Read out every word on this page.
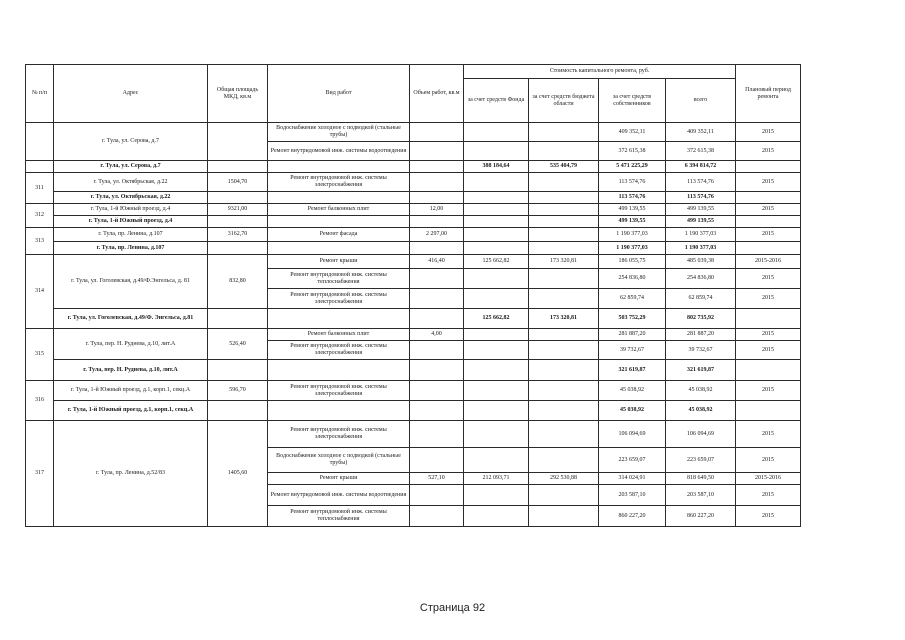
№ п/п	Адрес	Общая площадь МКД, кв.м	Вид работ	Объем работ, кв.м	Стоимость капитального ремонта, руб.				Плановый период ремонта
					за счет средств Фонда	за счет средств бюджета области	за счет средств собственников	всего	
	г. Тула, ул. Серова, д.7		Водоснабжение холодное с подводкой (стальные трубы)				409 352,11	409 352,11	2015
			Ремонт внутридомовой инж. системы водоотведения				372 615,38	372 615,38	2015
	г. Тула, ул. Серова, д.7				388 184,64	535 404,79	5 471 225,29	6 394 814,72	
311	г. Тула, ул. Октябрьская, д.22	1504,70	Ремонт внутридомовой инж. системы электроснабжения				113 574,76	113 574,76	2015
	г. Тула, ул. Октябрьская, д.22						113 574,76	113 574,76	
312	г. Тула, 1-й Южный проезд, д.4	9321,00	Ремонт балконных плит	12,00			499 139,55	499 139,55	2015
	г. Тула, 1-й Южный проезд, д.4						499 139,55	499 139,55	
313	г. Тула, пр. Ленина, д.107	3162,70	Ремонт фасада	2 297,00			1 190 377,03	1 190 377,03	2015
	г. Тула, пр. Ленина, д.107						1 190 377,03	1 190 377,03	
314	г. Тула, ул. Гоголевская, д.49/Ф.Энгельса, д. 81	832,80	Ремонт крыши	416,40	125 662,82	173 320,81	186 055,75	485 039,38	2015-2016
			Ремонт внутридомовой инж. системы теплоснабжения				254 836,80	254 836,80	2015
			Ремонт внутридомовой инж. системы электроснабжения				62 859,74	62 859,74	2015
	г. Тула, ул. Гоголевская, д.49/Ф. Энгельса, д.81				125 662,82	173 320,81	503 752,29	802 735,92	
315	г. Тула, пер. Н. Руднева, д.10, лит.А	526,40	Ремонт балконных плит	4,00			281 887,20	281 887,20	2015
			Ремонт внутридомовой инж. системы электроснабжения				39 732,67	39 732,67	2015
	г. Тула, пер. Н. Руднева, д.10, лит.А						321 619,87	321 619,87	
316	г. Тула, 1-й Южный проезд, д.1, корп.1, секц.А	596,70	Ремонт внутридомовой инж. системы электроснабжения				45 038,92	45 038,92	2015
	г. Тула, 1-й Южный проезд, д.1, корп.1, секц.А						45 038,92	45 038,92	
317	г. Тула, пр. Ленина, д.52/83	1405,60	Ремонт внутридомовой инж. системы электроснабжения				106 094,69	106 094,69	2015
			Водоснабжение холодное с подводкой (стальные трубы)				223 659,07	223 659,07	2015
			Ремонт крыши	527,10	212 093,71	292 530,88	314 024,91	818 649,50	2015-2016
			Ремонт внутридомовой инж. системы водоотведения				203 587,10	203 587,10	2015
			Ремонт внутридомовой инж. системы теплоснабжения				860 227,20	860 227,20	2015
Страница 92
